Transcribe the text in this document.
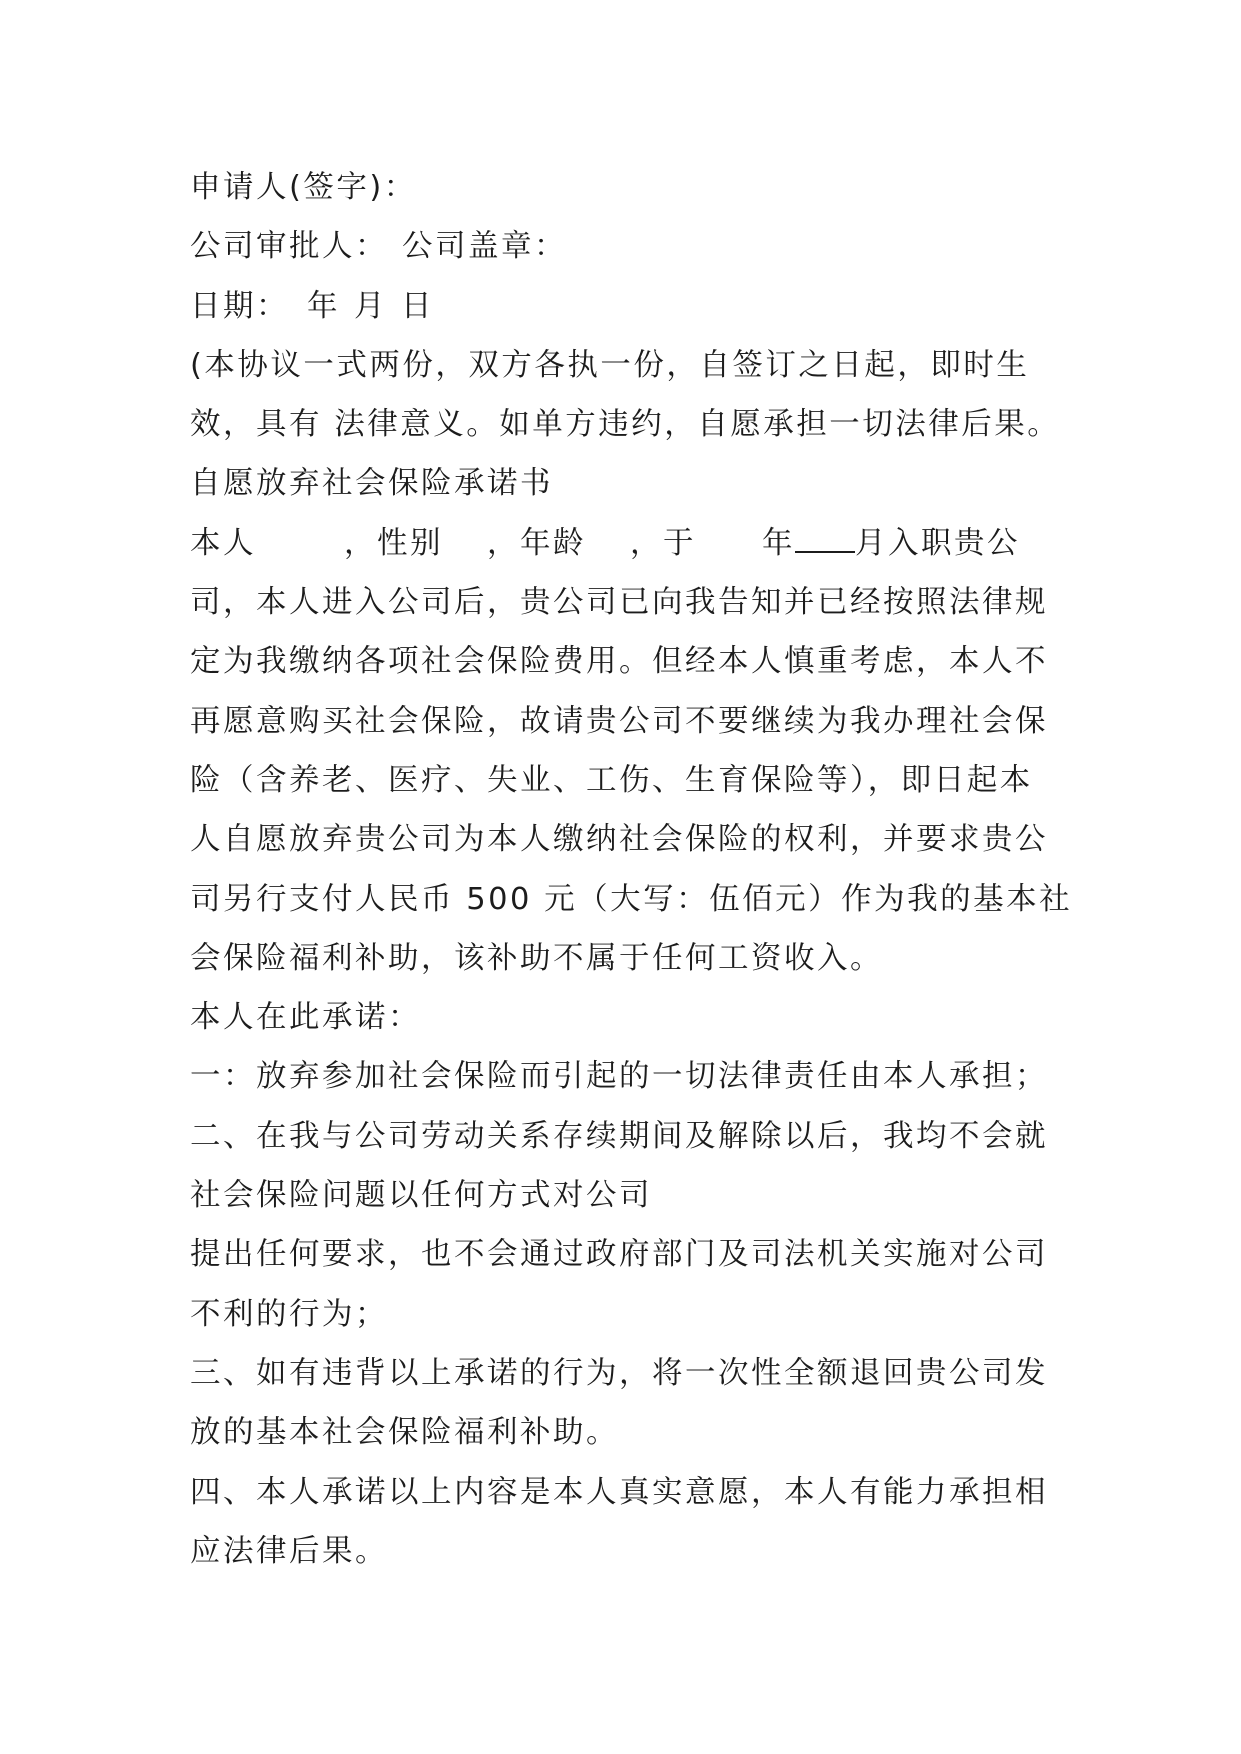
申请人(签字)：
公司审批人： 公司盖章：
日期： 年 月 日
(本协议一式两份，双方各执一份，自签订之日起，即时生
效，具有 法律意义。如单方违约，自愿承担一切法律后果。
自愿放弃社会保险承诺书
本人	，性别 ，年龄 ，于 年 月入职贵公
司，本人进入公司后，贵公司已向我告知并已经按照法律规
定为我缴纳各项社会保险费用。但经本人慎重考虑，本人不
再愿意购买社会保险，故请贵公司不要继续为我办理社会保
险（含养老、医疗、失业、工伤、生育保险等），即日起本
人自愿放弃贵公司为本人缴纳社会保险的权利，并要求贵公
司另行支付人民币 500 元（大写：伍佰元）作为我的基本社
会保险福利补助，该补助不属于任何工资收入。
本人在此承诺：
一：放弃参加社会保险而引起的一切法律责任由本人承担；
二、在我与公司劳动关系存续期间及解除以后，我均不会就
社会保险问题以任何方式对公司
提出任何要求，也不会通过政府部门及司法机关实施对公司
不利的行为；
三、如有违背以上承诺的行为，将一次性全额退回贵公司发
放的基本社会保险福利补助。
四、本人承诺以上内容是本人真实意愿，本人有能力承担相
应法律后果。
